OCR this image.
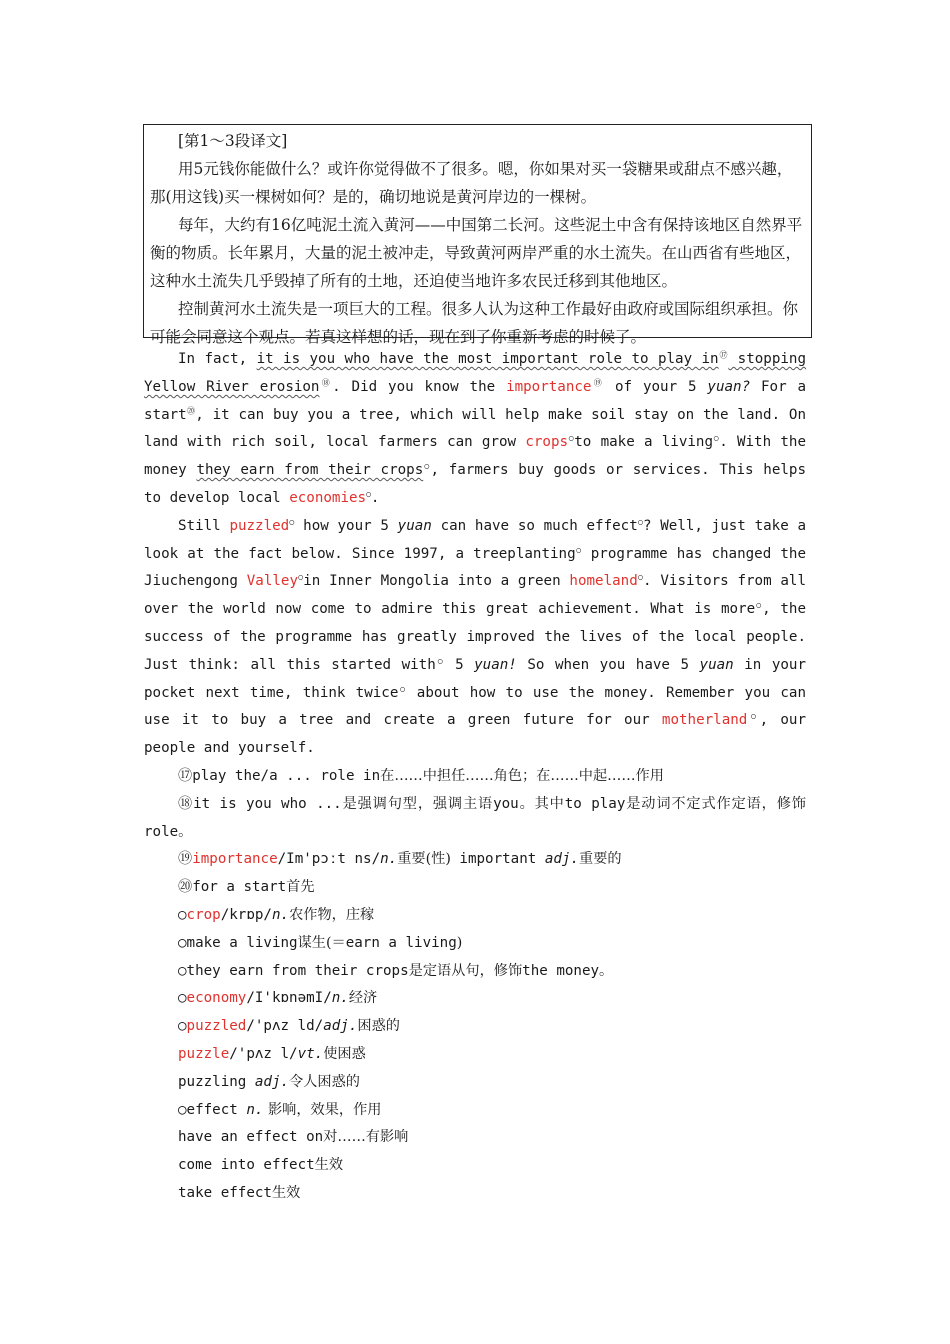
[第1～3段译文]

用5元钱你能做什么？或许你觉得做不了很多。嗯，你如果对买一袋糖果或甜点不感兴趣，那(用这钱)买一棵树如何？是的，确切地说是黄河岸边的一棵树。

每年，大约有16亿吨泥土流入黄河——中国第二长河。这些泥土中含有保持该地区自然界平衡的物质。长年累月，大量的泥土被冲走，导致黄河两岸严重的水土流失。在山西省有些地区，这种水土流失几乎毁掉了所有的土地，还迫使当地许多农民迁移到其他地区。

控制黄河水土流失是一项巨大的工程。很多人认为这种工作最好由政府或国际组织承担。你可能会同意这个观点。若真这样想的话，现在到了你重新考虑的时候了。

In fact, it is you who have the most important role to play in⑰ stopping Yellow River erosion⑱. Did you know the importance⑲ of your 5 yuan? For a start⑳, it can buy you a tree, which will help make soil stay on the land. On land with rich soil, local farmers can grow crops○to make a living○. With the money they earn from their crops○, farmers buy goods or services. This helps to develop local economies○.

Still puzzled○ how your 5 yuan can have so much effect○? Well, just take a look at the fact below. Since 1997, a treeplanting○ programme has changed the Jiuchengong Valley○in Inner Mongolia into a green homeland○. Visitors from all over the world now come to admire this great achievement. What is more○, the success of the programme has greatly improved the lives of the local people. Just think: all this started with○ 5 yuan! So when you have 5 yuan in your pocket next time, think twice○ about how to use the money. Remember you can use it to buy a tree and create a green future for our motherland○, our people and yourself.

⑰play the/a ... role in在……中担任……角色；在……中起……作用

⑱it is you who ...是强调句型，强调主语you。其中to play是动词不定式作定语，修饰role。

⑲importance/Im'pɔːt ns/n.重要(性) important adj.重要的

⑳for a start首先

○crop/krɒp/n.农作物，庄稼

○make a living谋生(＝earn a living)

○they earn from their crops是定语从句，修饰the money。

○economy/I'kɒnəmI/n.经济

○puzzled/'pʌz ld/adj.困惑的

puzzle/'pʌz l/vt.使困惑

puzzling adj.令人困惑的

○effect n. 影响，效果，作用

have an effect on对……有影响

come into effect生效

take effect生效
